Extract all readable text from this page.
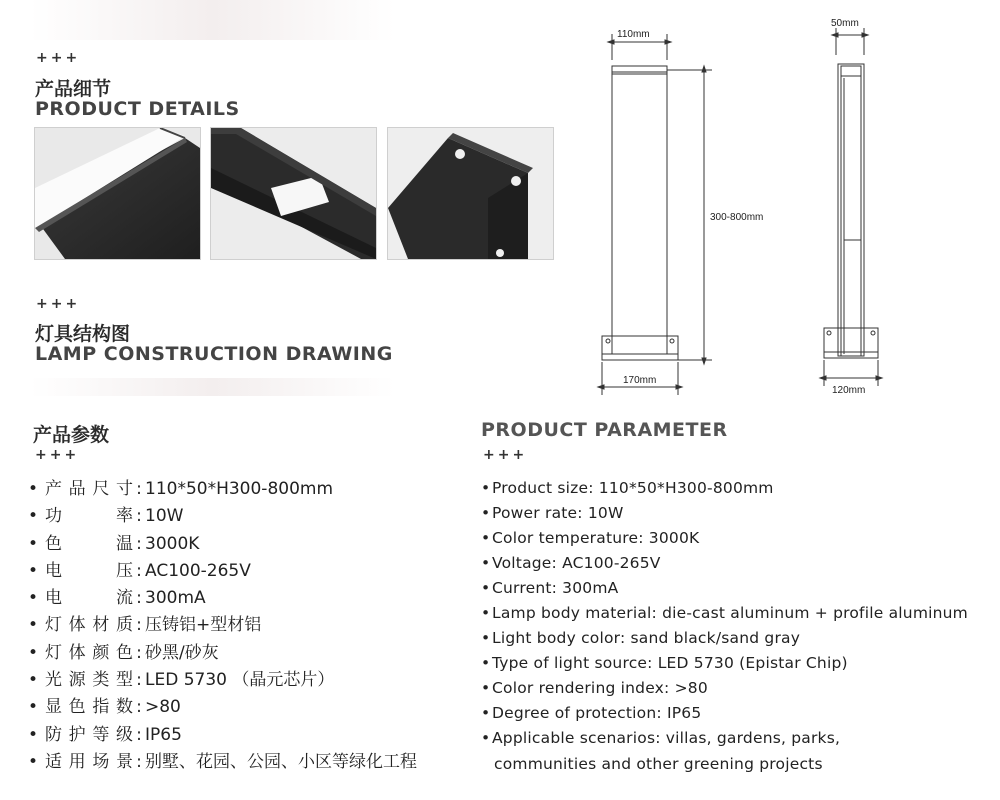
+++
产品细节
PRODUCT DETAILS
+++
灯具结构图
LAMP CONSTRUCTION DRAWING
110mm
300-800mm
170mm
50mm
120mm
产品参数
+++
• 产品尺寸 : 110*50*H300-800mm
• 功率 : 10W
• 色温 : 3000K
• 电压 : AC100-265V
• 电流 : 300mA
• 灯体材质 : 压铸铝+型材铝
• 灯体颜色 : 砂黑/砂灰
• 光源类型 : LED 5730 （晶元芯片）
• 显色指数 : >80
• 防护等级 : IP65
• 适用场景 : 别墅、花园、公园、小区等绿化工程
PRODUCT PARAMETER
+++
• Product size: 110*50*H300-800mm
• Power rate: 10W
• Color temperature: 3000K
• Voltage: AC100-265V
• Current: 300mA
• Lamp body material: die-cast aluminum + profile aluminum
• Light body color: sand black/sand gray
• Type of light source: LED 5730 (Epistar Chip)
• Color rendering index: >80
• Degree of protection: IP65
• Applicable scenarios: villas, gardens, parks,
communities and other greening projects
